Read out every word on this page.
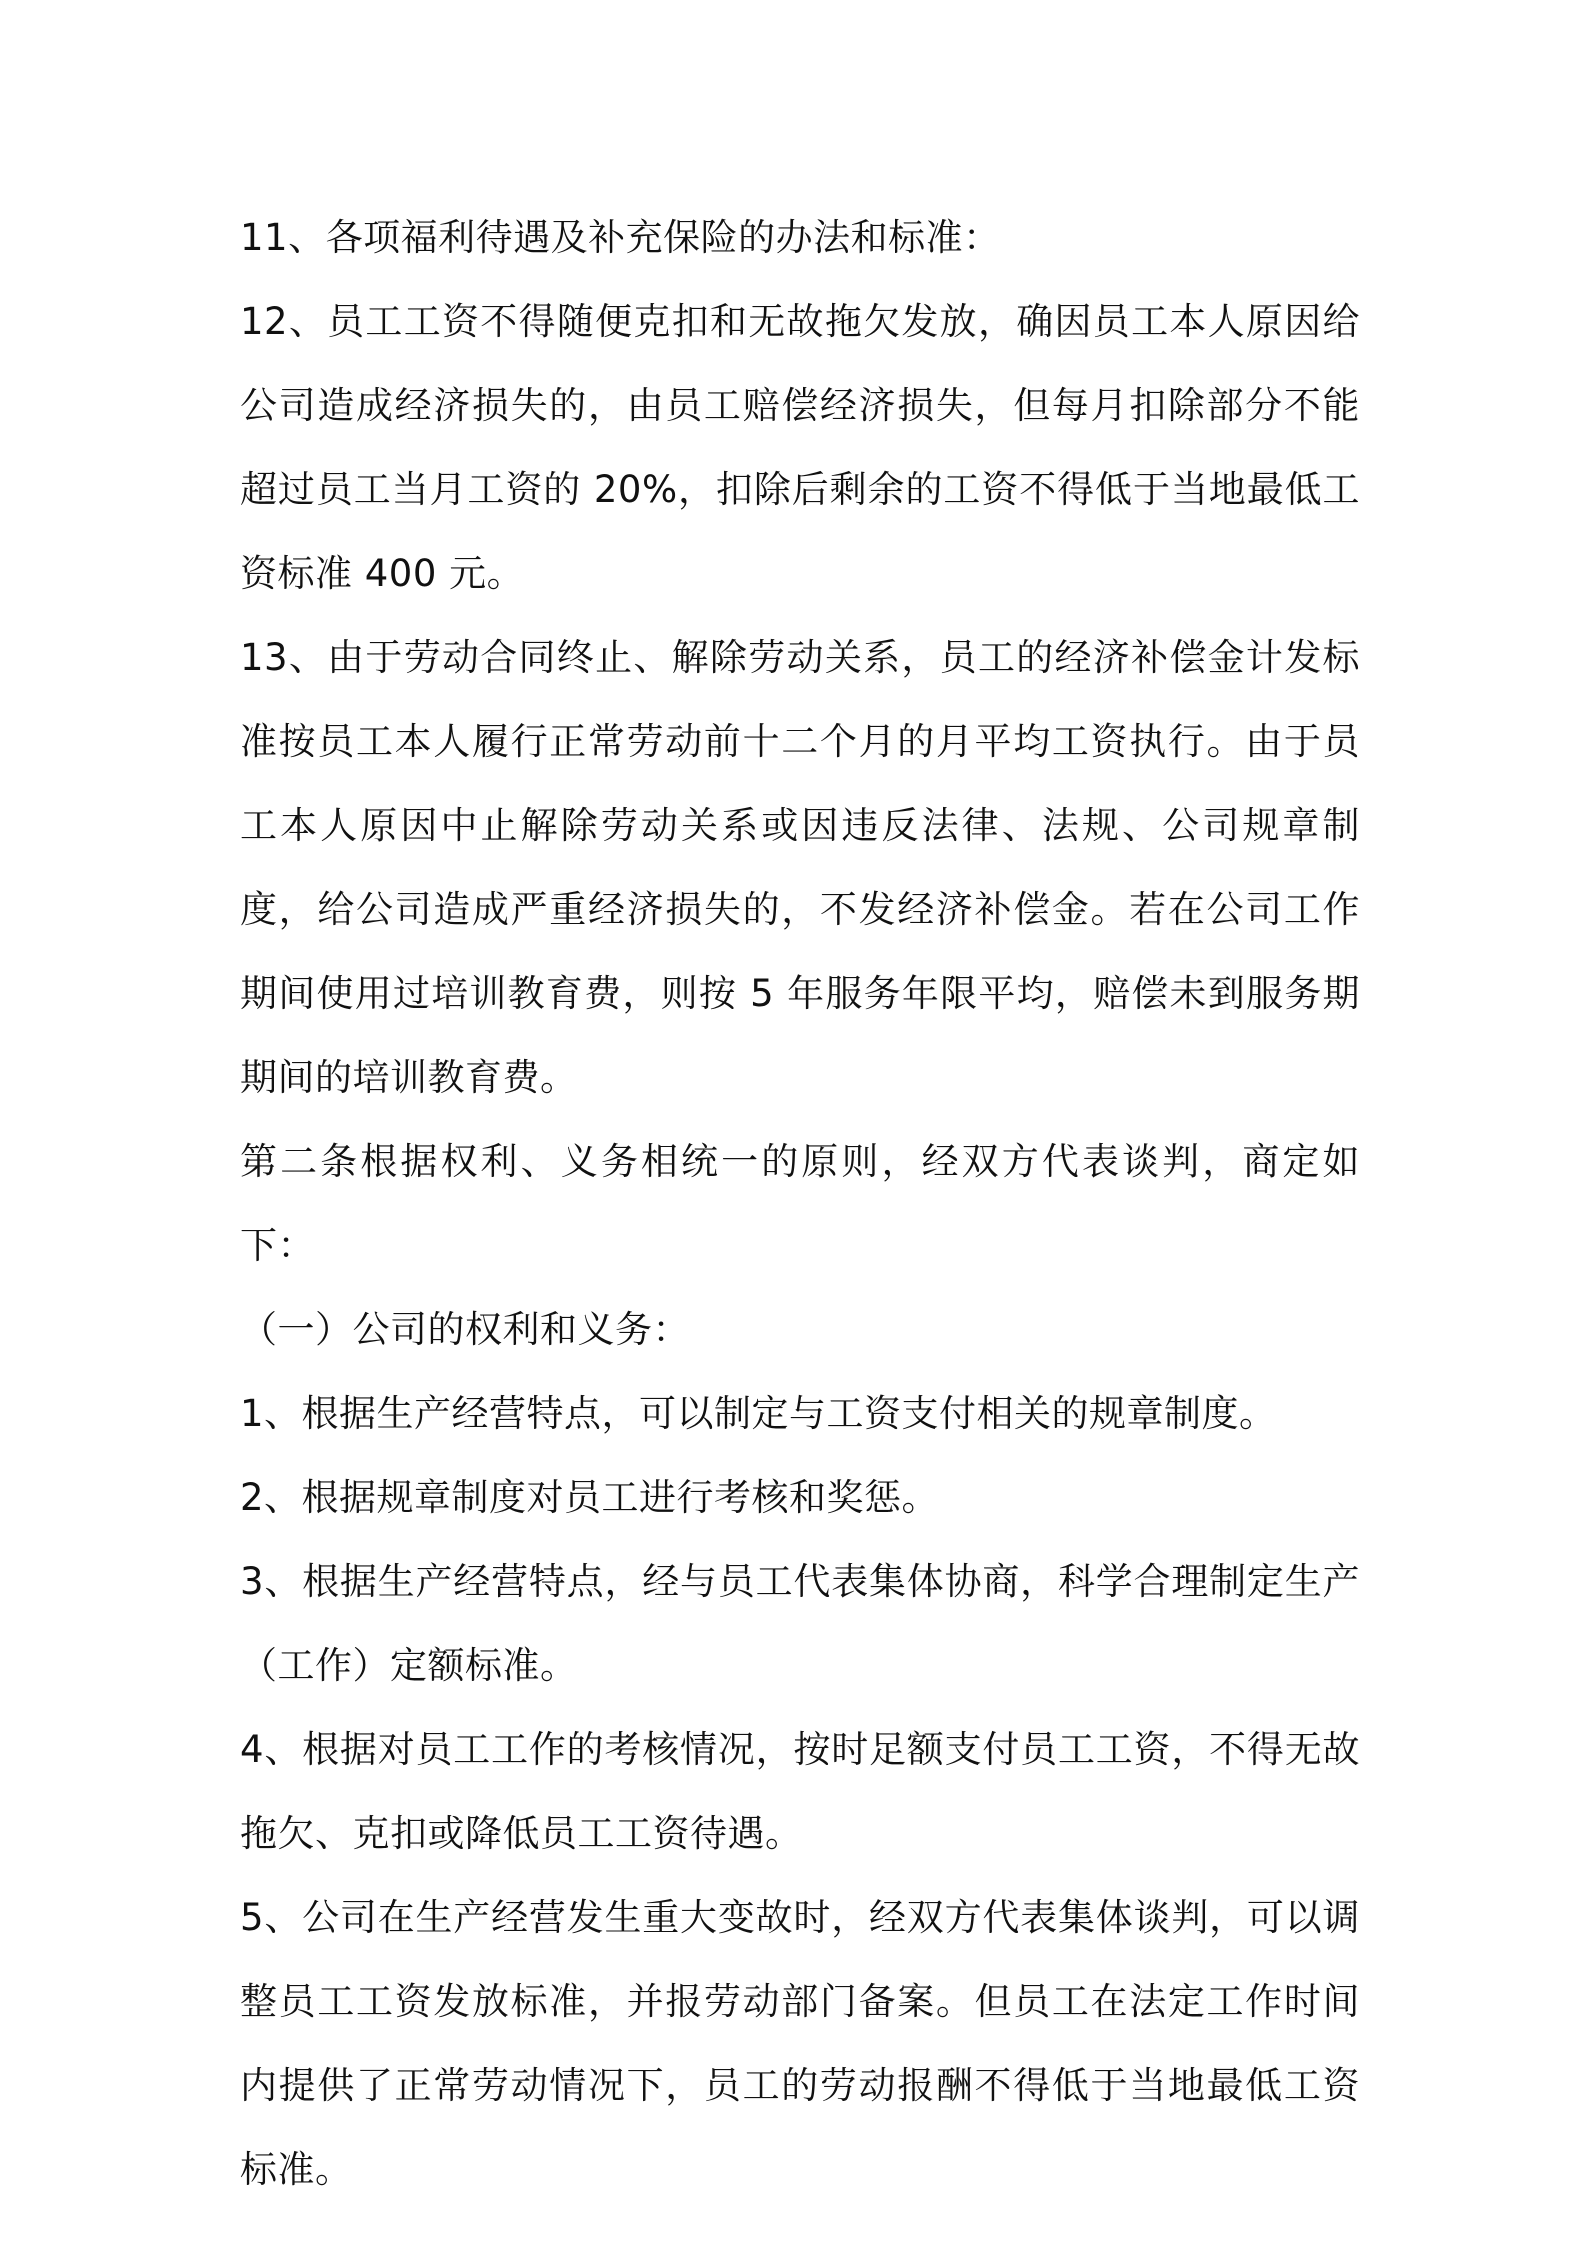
11、各项福利待遇及补充保险的办法和标准：

12、员工工资不得随便克扣和无故拖欠发放，确因员工本人原因给公司造成经济损失的，由员工赔偿经济损失，但每月扣除部分不能超过员工当月工资的 20%，扣除后剩余的工资不得低于当地最低工资标准 400 元。

13、由于劳动合同终止、解除劳动关系，员工的经济补偿金计发标准按员工本人履行正常劳动前十二个月的月平均工资执行。由于员工本人原因中止解除劳动关系或因违反法律、法规、公司规章制度，给公司造成严重经济损失的，不发经济补偿金。若在公司工作期间使用过培训教育费，则按 5 年服务年限平均，赔偿未到服务期期间的培训教育费。

第二条根据权利、义务相统一的原则，经双方代表谈判，商定如下：

（一）公司的权利和义务：

1、根据生产经营特点，可以制定与工资支付相关的规章制度。

2、根据规章制度对员工进行考核和奖惩。

3、根据生产经营特点，经与员工代表集体协商，科学合理制定生产（工作）定额标准。

4、根据对员工工作的考核情况，按时足额支付员工工资，不得无故拖欠、克扣或降低员工工资待遇。

5、公司在生产经营发生重大变故时，经双方代表集体谈判，可以调整员工工资发放标准，并报劳动部门备案。但员工在法定工作时间内提供了正常劳动情况下，员工的劳动报酬不得低于当地最低工资标准。
